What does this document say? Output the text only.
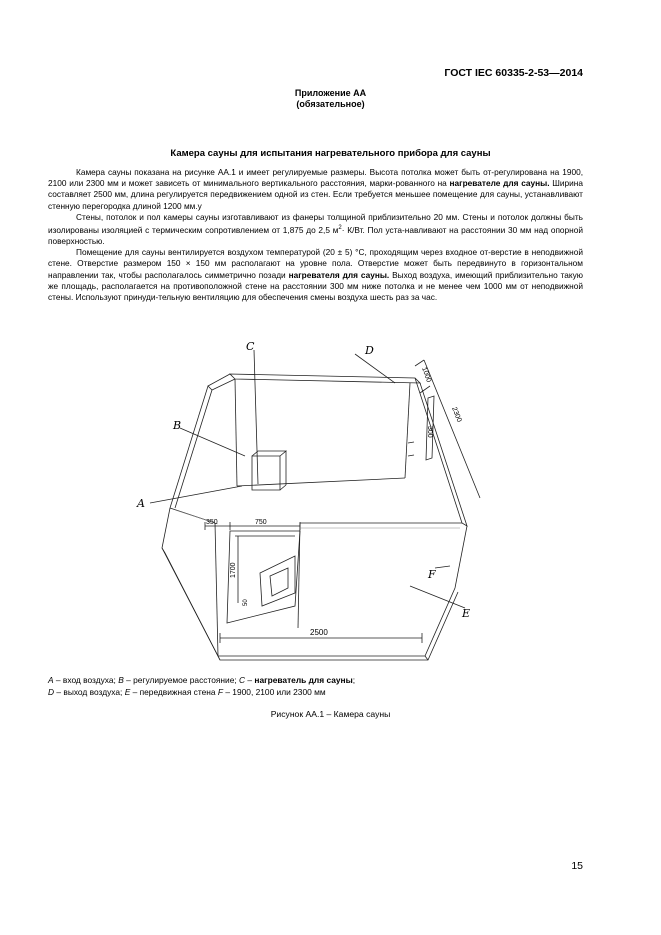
ГОСТ IEC 60335-2-53—2014
Приложение АА
(обязательное)
Камера сауны для испытания нагревательного прибора для сауны

Камера сауны показана на рисунке АА.1 и имеет регулируемые размеры. Высота потолка может быть от-регулирована на 1900, 2100 или 2300 мм и может зависеть от минимального вертикального расстояния, марки-рованного на нагревателе для сауны. Ширина составляет 2500 мм, длина регулируется передвижением одной из стен. Если требуется меньшее помещение для сауны, устанавливают стенную перегородка длиной 1200 мм.у

Стены, потолок и пол камеры сауны изготавливают из фанеры толщиной приблизительно 20 мм. Стены и потолок должны быть изолированы изоляцией с термическим сопротивлением от 1,875 до 2,5 $м^2\cdot К/Вт$. Пол уста-навливают на расстоянии 30 мм над опорной поверхностью.

Помещение для сауны вентилируется воздухом температурой (20 ± 5) °С, проходящим через входное от-верстие в неподвижной стене. Отверстие размером 150 × 150 мм располагают на уровне пола. Отверстие может быть передвинуто в горизонтальном направлении так, чтобы располагалось симметрично позади нагревателя для сауны. Выход воздуха, имеющий приблизительно такую же площадь, располагается на противоположной стене на расстоянии 300 мм ниже потолка и не менее чем 1000 мм от неподвижной стены. Используют принуди-тельную вентиляцию для обеспечения смены воздуха шесть раз за час.

C	D
B
A
E
F
1000
300
2300
350	750
1700
50
2500
A – вход воздуха; B – регулируемое расстояние; C – нагреватель для сауны;
D – выход воздуха; E – передвижная стена F – 1900, 2100 или 2300 мм
Рисунок АА.1 – Камера сауны
15
